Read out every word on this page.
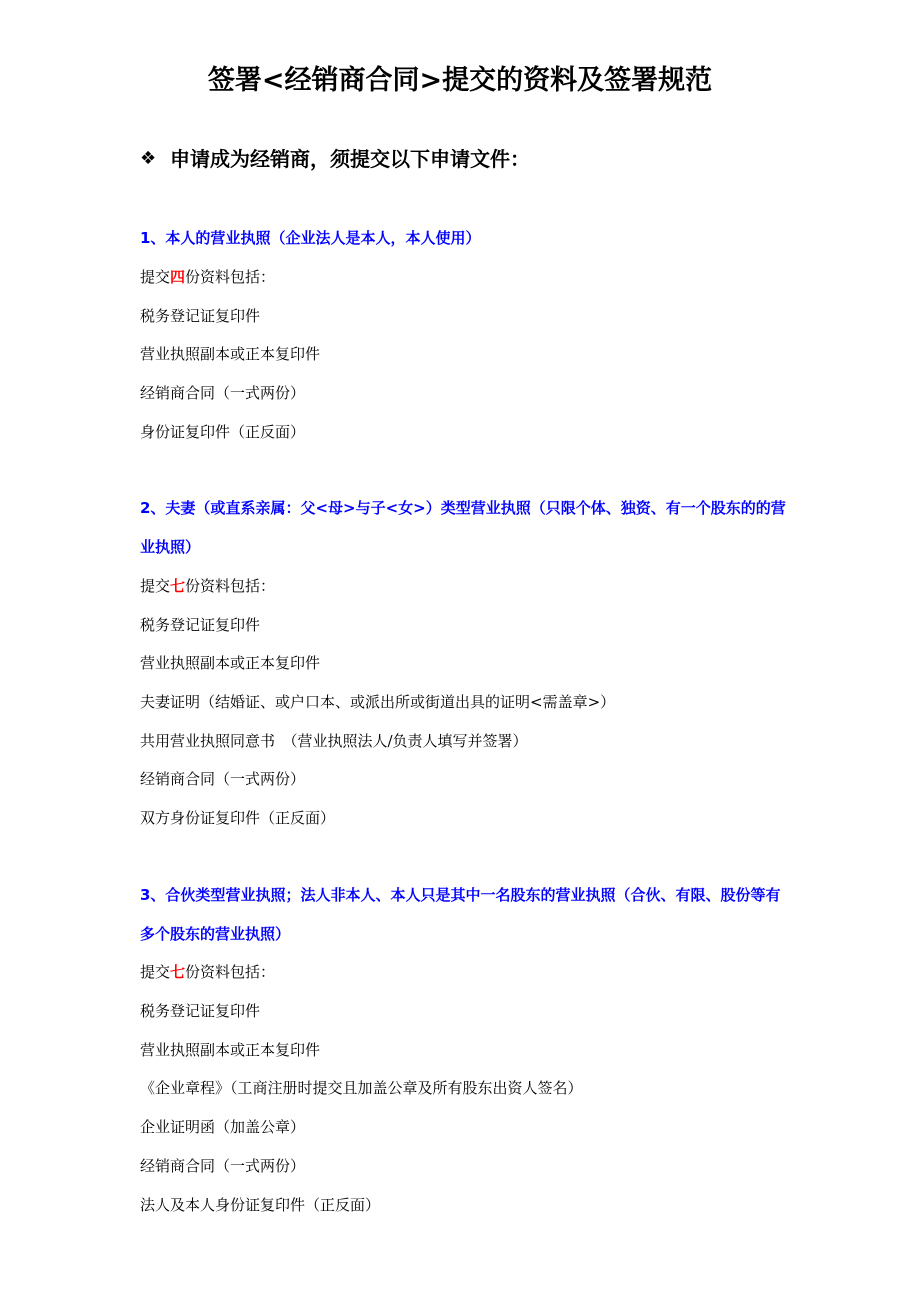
签署<经销商合同>提交的资料及签署规范
❖ 申请成为经销商，须提交以下申请文件：
1、本人的营业执照（企业法人是本人，本人使用）
提交四份资料包括：
税务登记证复印件
营业执照副本或正本复印件
经销商合同（一式两份）
身份证复印件（正反面）
2、夫妻（或直系亲属：父<母>与子<女>）类型营业执照（只限个体、独资、有一个股东的的营业执照）
提交七份资料包括：
税务登记证复印件
营业执照副本或正本复印件
夫妻证明（结婚证、或户口本、或派出所或街道出具的证明<需盖章>）
共用营业执照同意书　（营业执照法人/负责人填写并签署）
经销商合同（一式两份）
双方身份证复印件（正反面）
3、合伙类型营业执照；法人非本人、本人只是其中一名股东的营业执照（合伙、有限、股份等有多个股东的营业执照）
提交七份资料包括：
税务登记证复印件
营业执照副本或正本复印件
《企业章程》（工商注册时提交且加盖公章及所有股东出资人签名）
企业证明函（加盖公章）
经销商合同（一式两份）
法人及本人身份证复印件（正反面）
